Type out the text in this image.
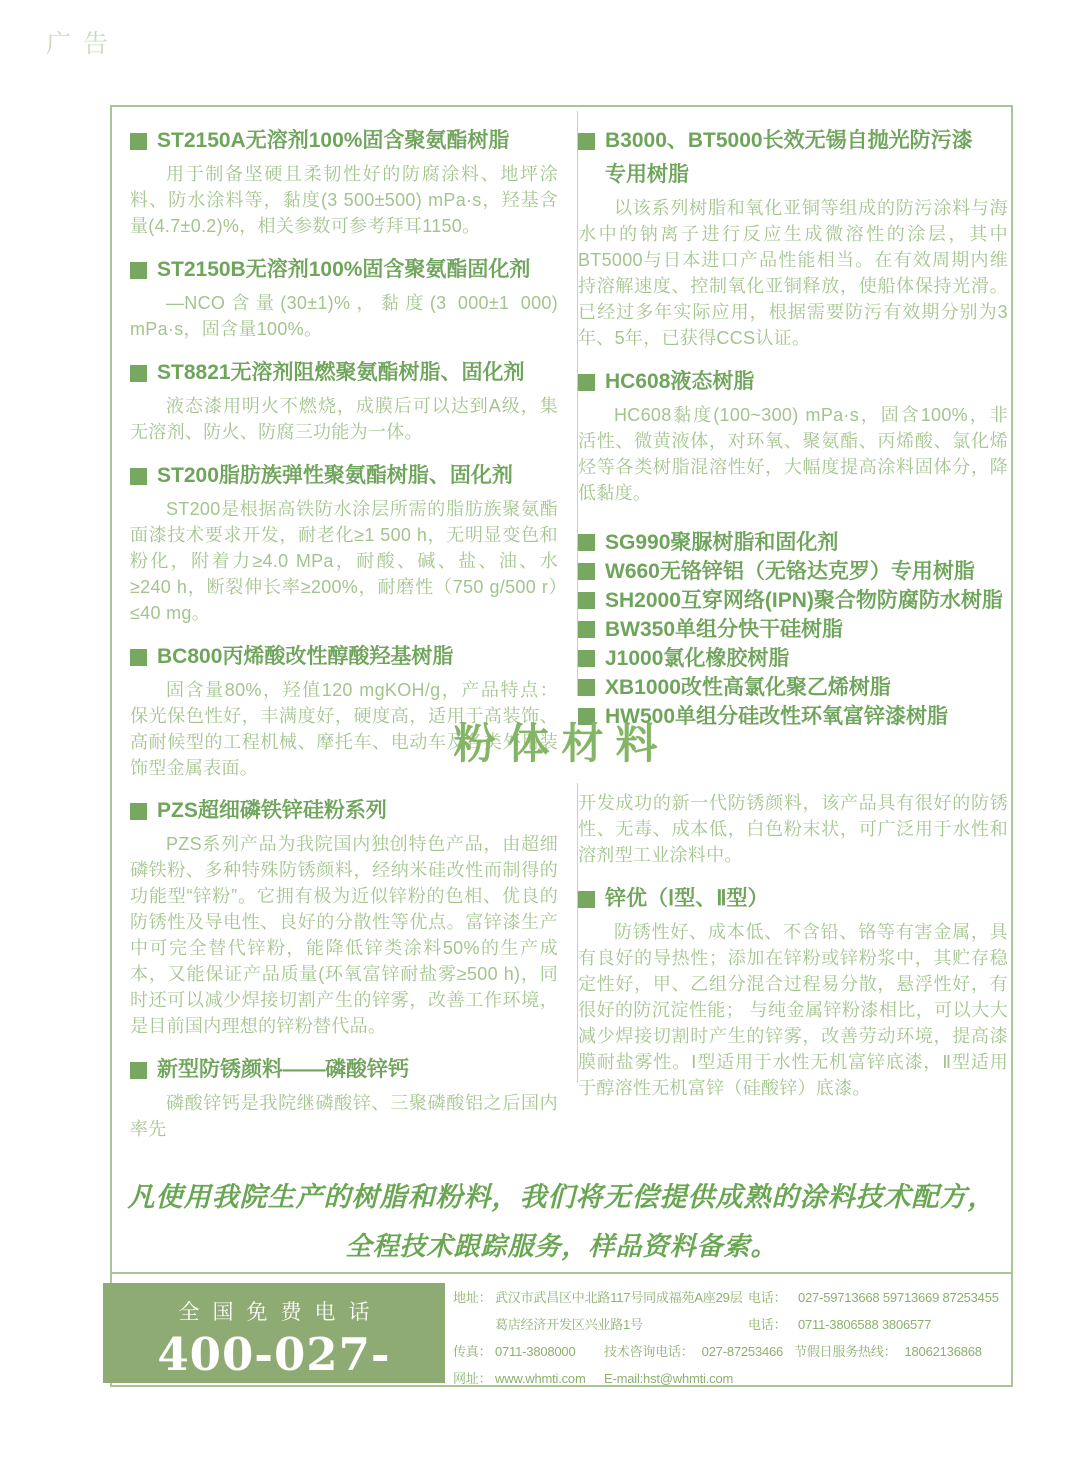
广告
ST2150A无溶剂100%固含聚氨酯树脂

用于制备坚硬且柔韧性好的防腐涂料、地坪涂料、防水涂料等，黏度(3 500±500) mPa·s，羟基含量(4.7±0.2)%，相关参数可参考拜耳1150。

ST2150B无溶剂100%固含聚氨酯固化剂

—NCO含量(30±1)%，黏度(3 000±1 000) mPa·s，固含量100%。

ST8821无溶剂阻燃聚氨酯树脂、固化剂

液态漆用明火不燃烧，成膜后可以达到A级，集无溶剂、防火、防腐三功能为一体。

ST200脂肪族弹性聚氨酯树脂、固化剂

ST200是根据高铁防水涂层所需的脂肪族聚氨酯面漆技术要求开发，耐老化≥1 500 h，无明显变色和粉化，附着力≥4.0 MPa，耐酸、碱、盐、油、水≥240 h，断裂伸长率≥200%，耐磨性（750 g/500 r）≤40 mg。

BC800丙烯酸改性醇酸羟基树脂

固含量80%，羟值120 mgKOH/g，产品特点：保光保色性好，丰满度好，硬度高，适用于高装饰、高耐候型的工程机械、摩托车、电动车及各类外用装饰型金属表面。

B3000、BT5000长效无锡自抛光防污漆
专用树脂

以该系列树脂和氧化亚铜等组成的防污涂料与海水中的钠离子进行反应生成微溶性的涂层，其中BT5000与日本进口产品性能相当。在有效周期内维持溶解速度、控制氧化亚铜释放，使船体保持光滑。已经过多年实际应用，根据需要防污有效期分别为3年、5年，已获得CCS认证。

HC608液态树脂

HC608黏度(100~300) mPa·s，固含100%，非活性、微黄液体，对环氧、聚氨酯、丙烯酸、氯化烯烃等各类树脂混溶性好，大幅度提高涂料固体分，降低黏度。

SG990聚脲树脂和固化剂
W660无铬锌铝（无铬达克罗）专用树脂
SH2000互穿网络(IPN)聚合物防腐防水树脂
BW350单组分快干硅树脂
J1000氯化橡胶树脂
XB1000改性高氯化聚乙烯树脂
HW500单组分硅改性环氧富锌漆树脂
粉体材料
PZS超细磷铁锌硅粉系列

PZS系列产品为我院国内独创特色产品，由超细磷铁粉、多种特殊防锈颜料，经纳米硅改性而制得的功能型“锌粉”。它拥有极为近似锌粉的色相、优良的防锈性及导电性、良好的分散性等优点。富锌漆生产中可完全替代锌粉，能降低锌类涂料50%的生产成本，又能保证产品质量(环氧富锌耐盐雾≥500 h)，同时还可以减少焊接切割产生的锌雾，改善工作环境，是目前国内理想的锌粉替代品。

新型防锈颜料——磷酸锌钙

磷酸锌钙是我院继磷酸锌、三聚磷酸铝之后国内率先

开发成功的新一代防锈颜料，该产品具有很好的防锈性、无毒、成本低，白色粉末状，可广泛用于水性和溶剂型工业涂料中。

锌优（Ⅰ型、Ⅱ型）

防锈性好、成本低、不含铅、铬等有害金属，具有良好的导热性；添加在锌粉或锌粉浆中，其贮存稳定性好，甲、乙组分混合过程易分散，悬浮性好，有很好的防沉淀性能； 与纯金属锌粉漆相比，可以大大减少焊接切割时产生的锌雾，改善劳动环境，提高漆膜耐盐雾性。Ⅰ型适用于水性无机富锌底漆，Ⅱ型适用于醇溶性无机富锌（硅酸锌）底漆。

凡使用我院生产的树脂和粉料，我们将无偿提供成熟的涂料技术配方，
全程技术跟踪服务，样品资料备索。
全国免费电话
400-027-5477
地址： 武汉市武昌区中北路117号同成福苑A座29层 电话： 027-59713668 59713669 87253455
葛店经济开发区兴业路1号	电话： 0711-3806588 3806577
传真： 0711-3808000	技术咨询电话： 027-87253466 节假日服务热线： 18062136868
网址： www.whmti.com	E-mail:hst@whmti.com
